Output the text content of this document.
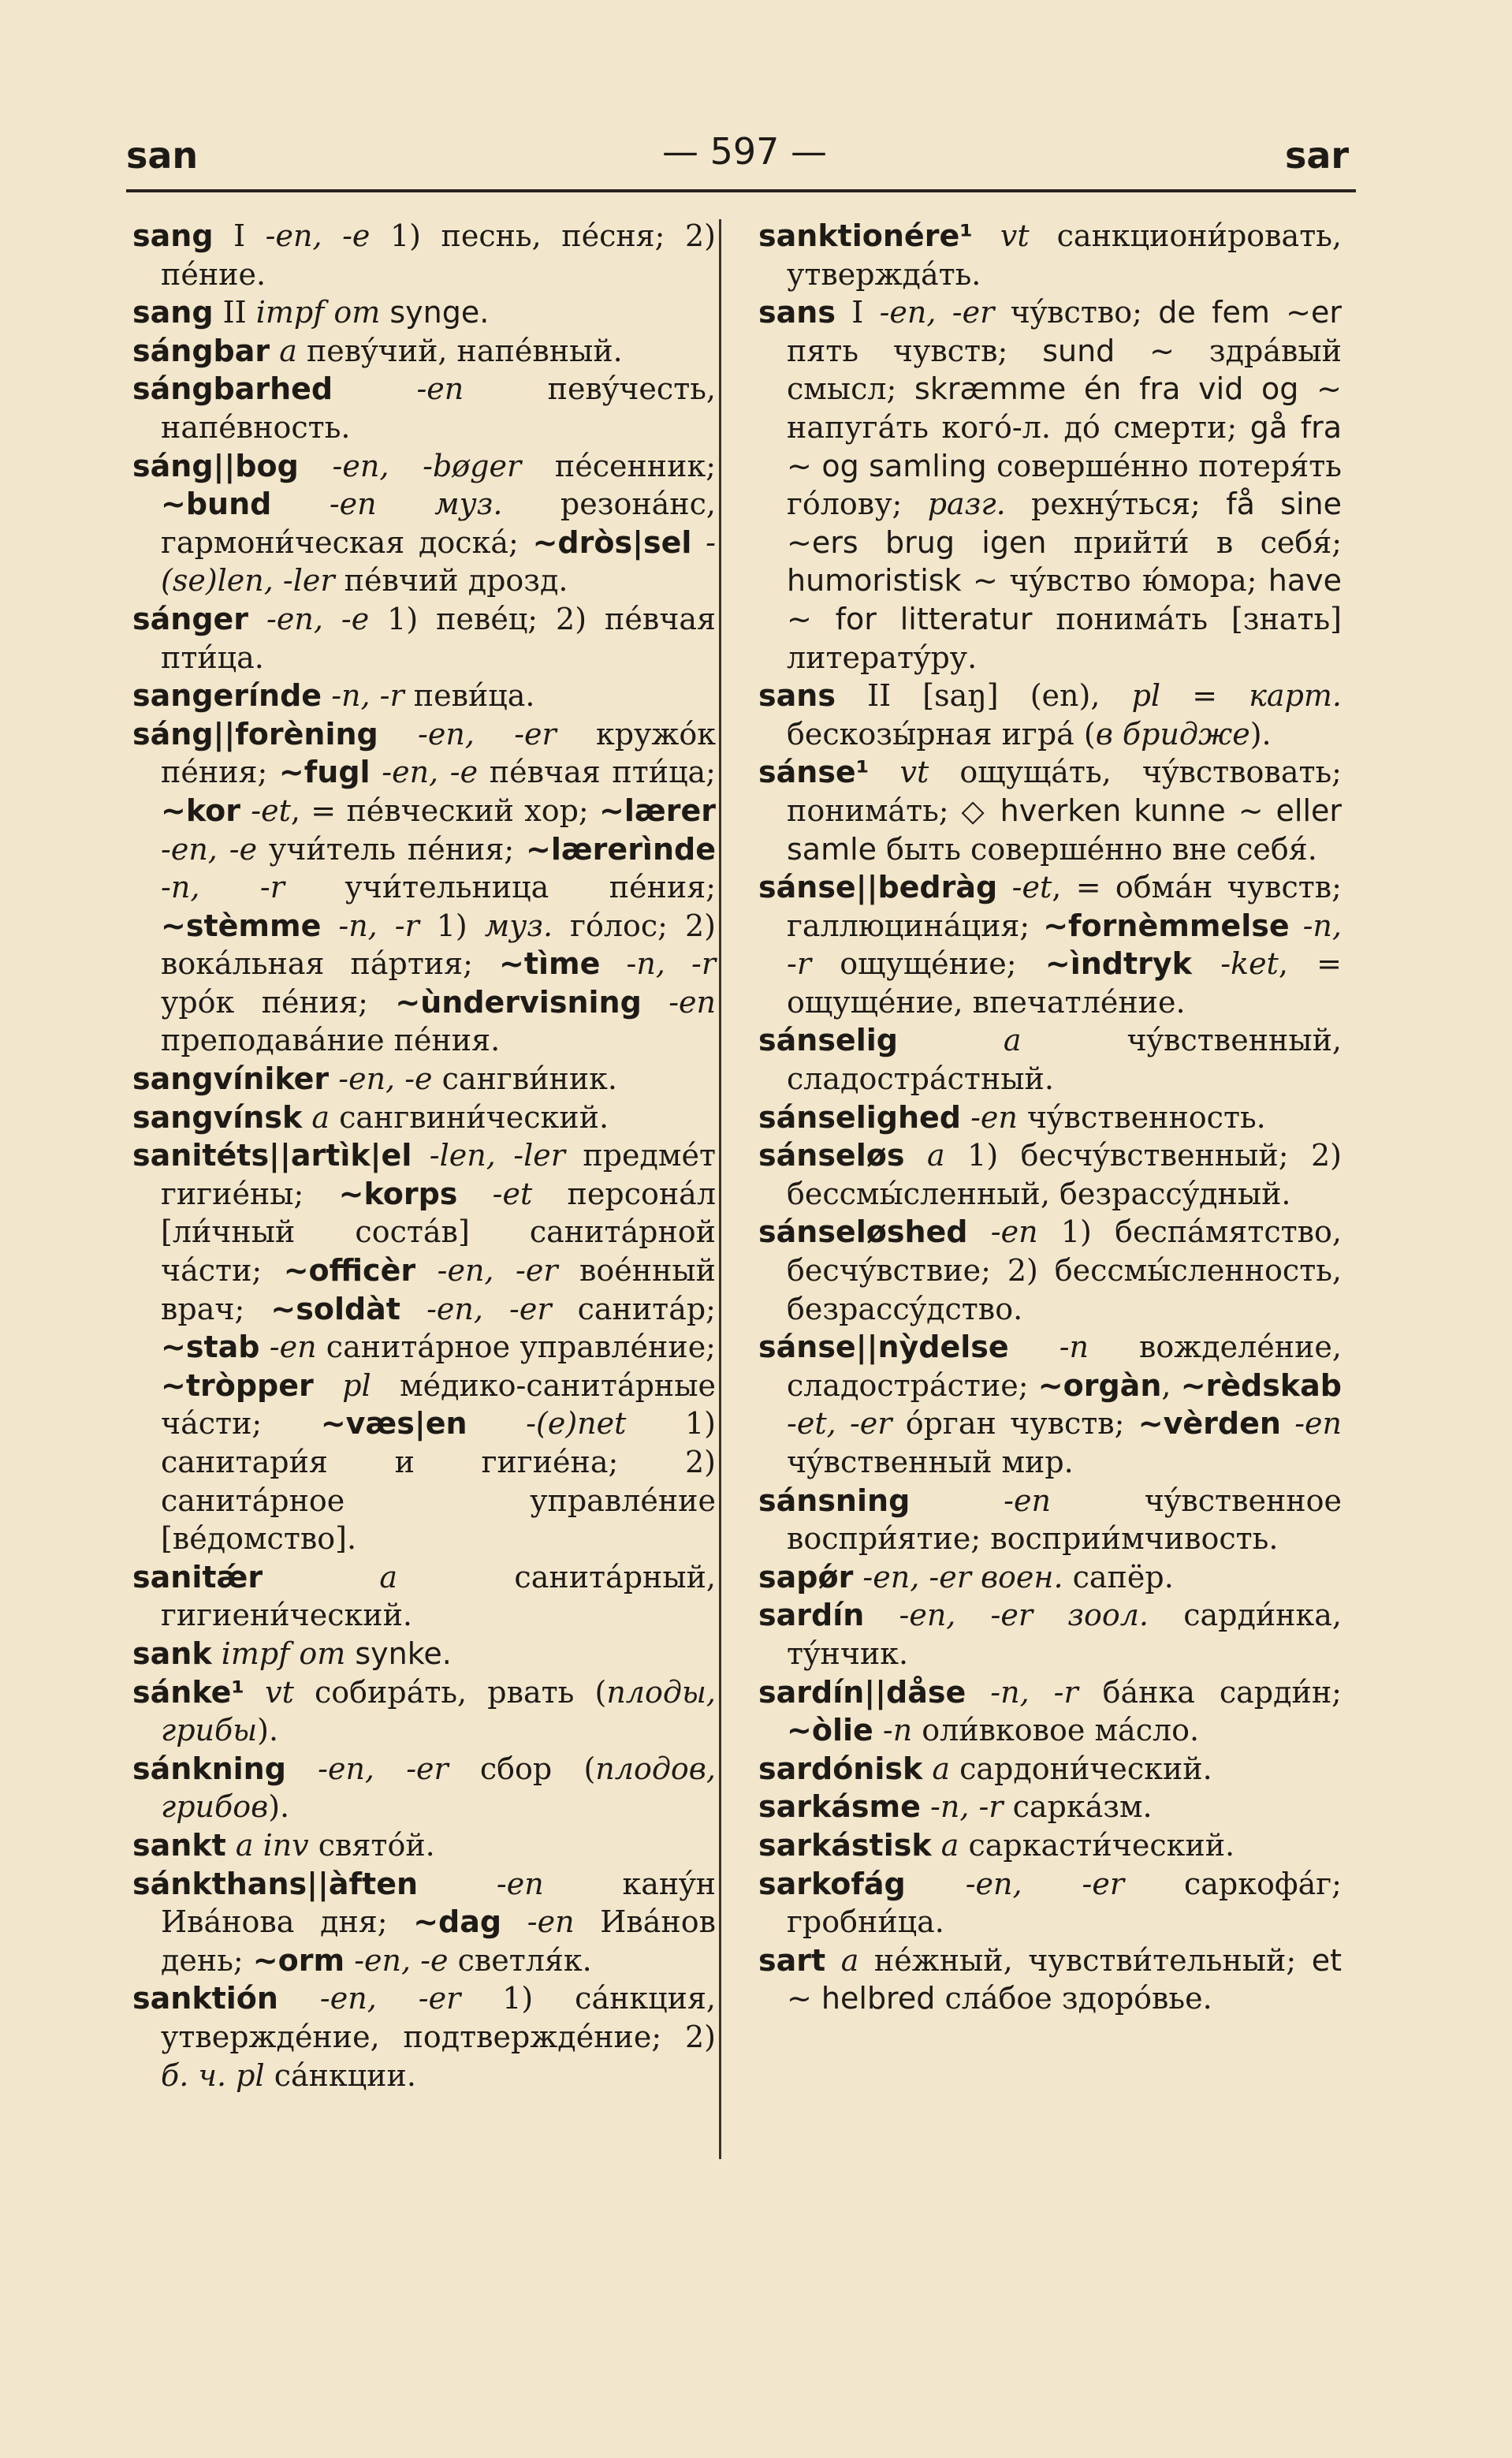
san	— 597 —	sar

sang I -en, -e 1) песнь, пéсня; 2) пéние.

sang II impf om synge.

sángbar a певýчий, напéвный.

sángbarhed	-en певýчесть, напéвность.

sáng||bog -en, -bøger пéсенник; ~bund -en муз. резонáнс, гармони́ческая доскá; ~dròs|sel -(se)len, -ler пéвчий дрозд.

sánger -en, -e 1) певéц; 2) пéвчая пти́ца.

sangerínde -n, -r певи́ца.

sáng||forèning -en, -er кружóк пéния; ~fugl -en, -e пéвчая пти́ца; ~kor -et, = пéвческий хор; ~lærer -en, -e учи́тель пéния; ~lærerìnde -n, -r учи́тельница пéния; ~stèmme -n, -r 1) муз. гóлос; 2) вокáльная пáртия; ~tìme -n, -r урóк пéния; ~ùndervisning -en преподавáние пéния.

sangvíniker -en, -e сангви́ник.

sangvínsk a сангвини́ческий.

sanitéts||artìk|el -len, -ler предмéт гигиéны; ~korps -et персонáл [ли́чный состáв] санитáрной чáсти; ~officèr -en, -er воéнный врач; ~soldàt -en, -er санитáр; ~stab -en санитáрное управлéние; ~tròpper pl мéдико-санитáрные чáсти; ~væs|en -(e)net 1) санитари́я и гигиéна; 2) санитáрное управлéние [вéдомство].

sanitǽr	a санитáрный, гигиени́ческий.

sank impf om synke.

sánke¹ vt собирáть, рвать (плоды, грибы).

sánkning -en, -er сбор (плодов, грибов).

sankt a inv святóй.

sánkthans||àften	-en канýн Ивáнова дня; ~dag -en Ивáнов день; ~orm -en, -e светля́к.

sanktión -en, -er 1) сáнкция, утверждéние, подтверждéние; 2) б. ч. pl сáнкции.

sanktionére¹ vt санкциони́ровать, утверждáть.

sans I -en, -er чýвство; de fem ~er пять чувств; sund ~ здрáвый смысл; skræmme én fra vid og ~ напугáть когó-л. дó смерти; gå fra ~ og samling совершéнно потеря́ть гóлову; разг. рехнýться; få sine ~ers brug igen прийти́ в себя́; humoristisk ~ чýвство ю́мора; have ~ for litteratur понимáть [знать] литератýру.

sans II [saŋ] (en), pl = карт. бескозы́рная игрá (в бридже).

sánse¹ vt ощущáть, чýвствовать; понимáть; ◇ hverken kunne ~ eller samle быть совершéнно вне себя́.

sánse||bedràg -et, = обмáн чувств; галлюцинáция; ~fornèmmelse -n, -r ощущéние; ~ìndtryk -ket, = ощущéние, впечатлéние.

sánselig	a чýвственный, сладострáстный.

sánselighed -en чýвственность.

sánseløs a 1) бесчýвственный; 2) бессмы́сленный, безрассýдный.

sánseløshed -en 1) беспáмятство, бесчýвствие; 2) бессмы́сленность, безрассýдство.

sánse||nỳdelse -n вожделéние, сладострáстие; ~orgàn, ~rèdskab -et, -er óрган чувств; ~vèrden -en чýвственный мир.

sánsning	-en чýвственное воспри́ятие; восприи́мчивость.

sapǿr -en, -er воен. сапёр.

sardín -en, -er зоол. сарди́нка, тýнчик.

sardín||dåse -n, -r бáнка сарди́н; ~òlie -n оли́вковое мáсло.

sardónisk a сардони́ческий.

sarkásme -n, -r саркáзм.

sarkástisk a саркасти́ческий.

sarkofág -en, -er саркофáг; гробни́ца.

sart a нéжный, чувстви́тельный; et ~ helbred слáбое здорóвье.
